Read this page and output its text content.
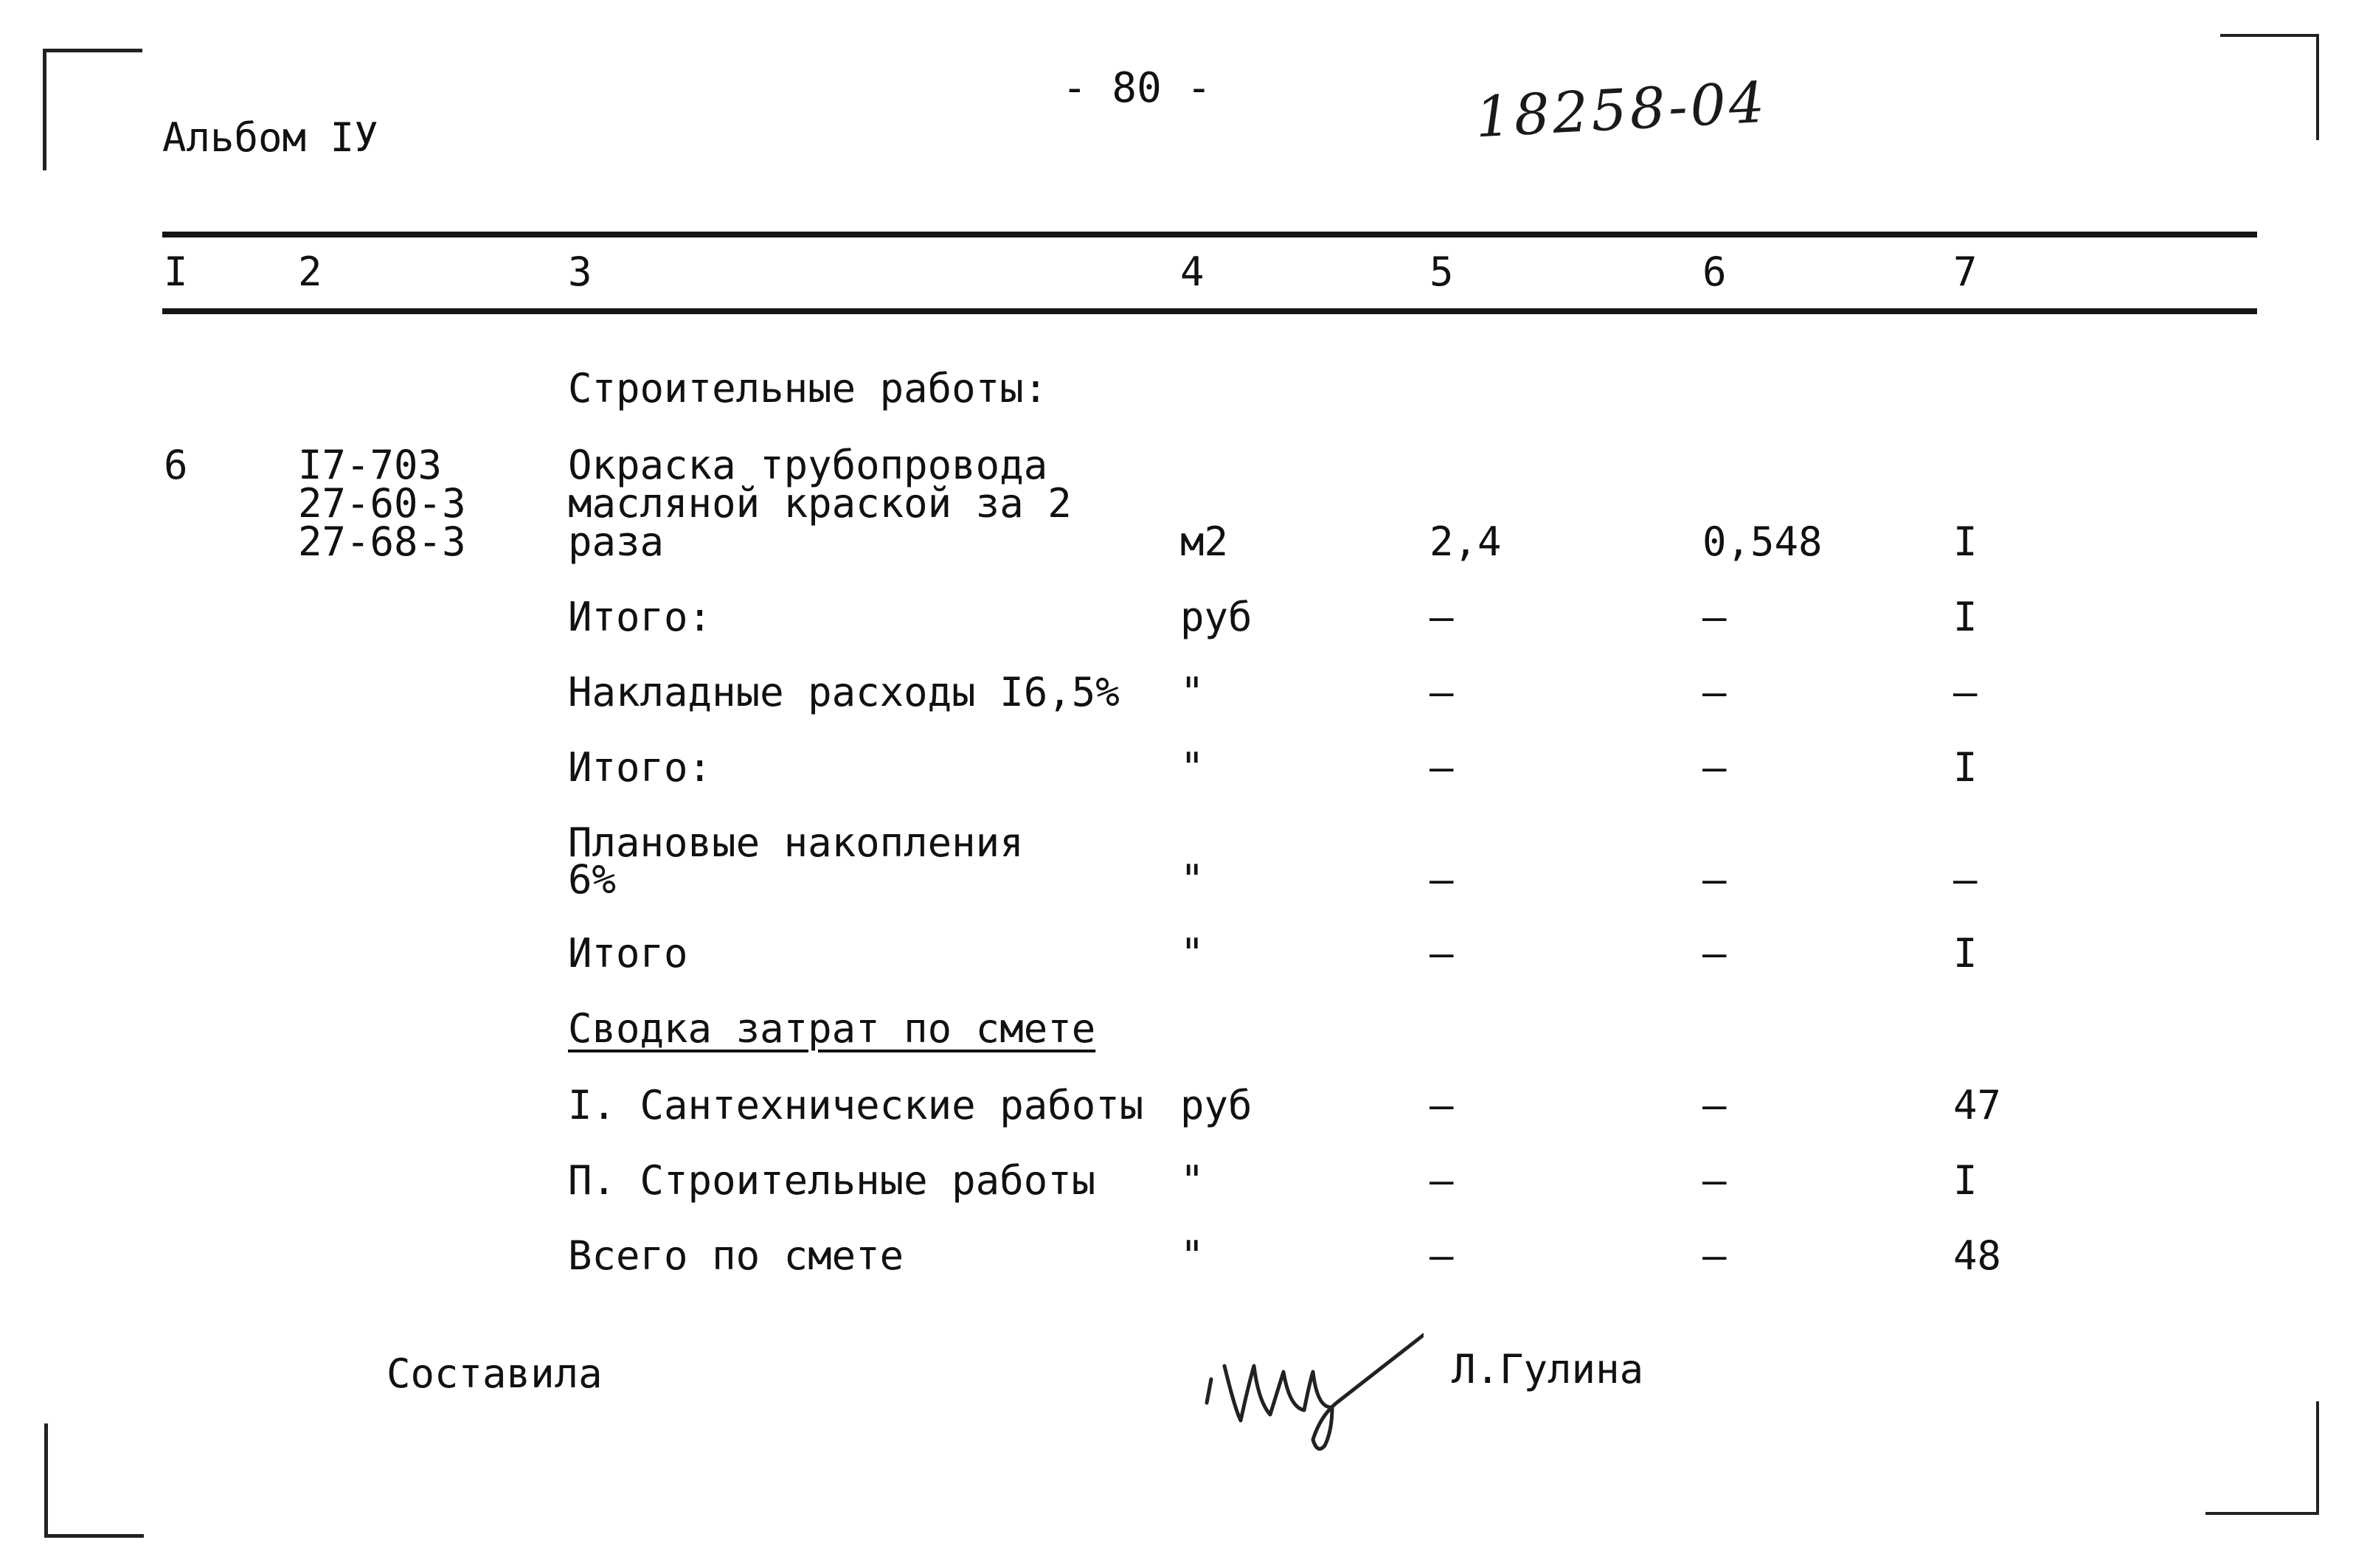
Альбом IУ
- 80 -	18258-04
I	2	3	4	5	6	7
Строительные работы:
6	I7-703
27-60-3
27-68-3
Окраска трубопровода
масляной краской за 2
раза	м2	2,4	0,548	I
Итого:	руб	–	–	I
Накладные расходы I6,5% "	–	–	–
Итого:	"	–	–	I
Плановые накопления
6%	"	–	–	–
Итого	"	–	–	I
Сводка затрат по смете
I. Сантехнические работы руб	–	–	47
П. Строительные работы "	–	–	I
Всего по смете	"	–	–	48
Составила	Л.Гулина
